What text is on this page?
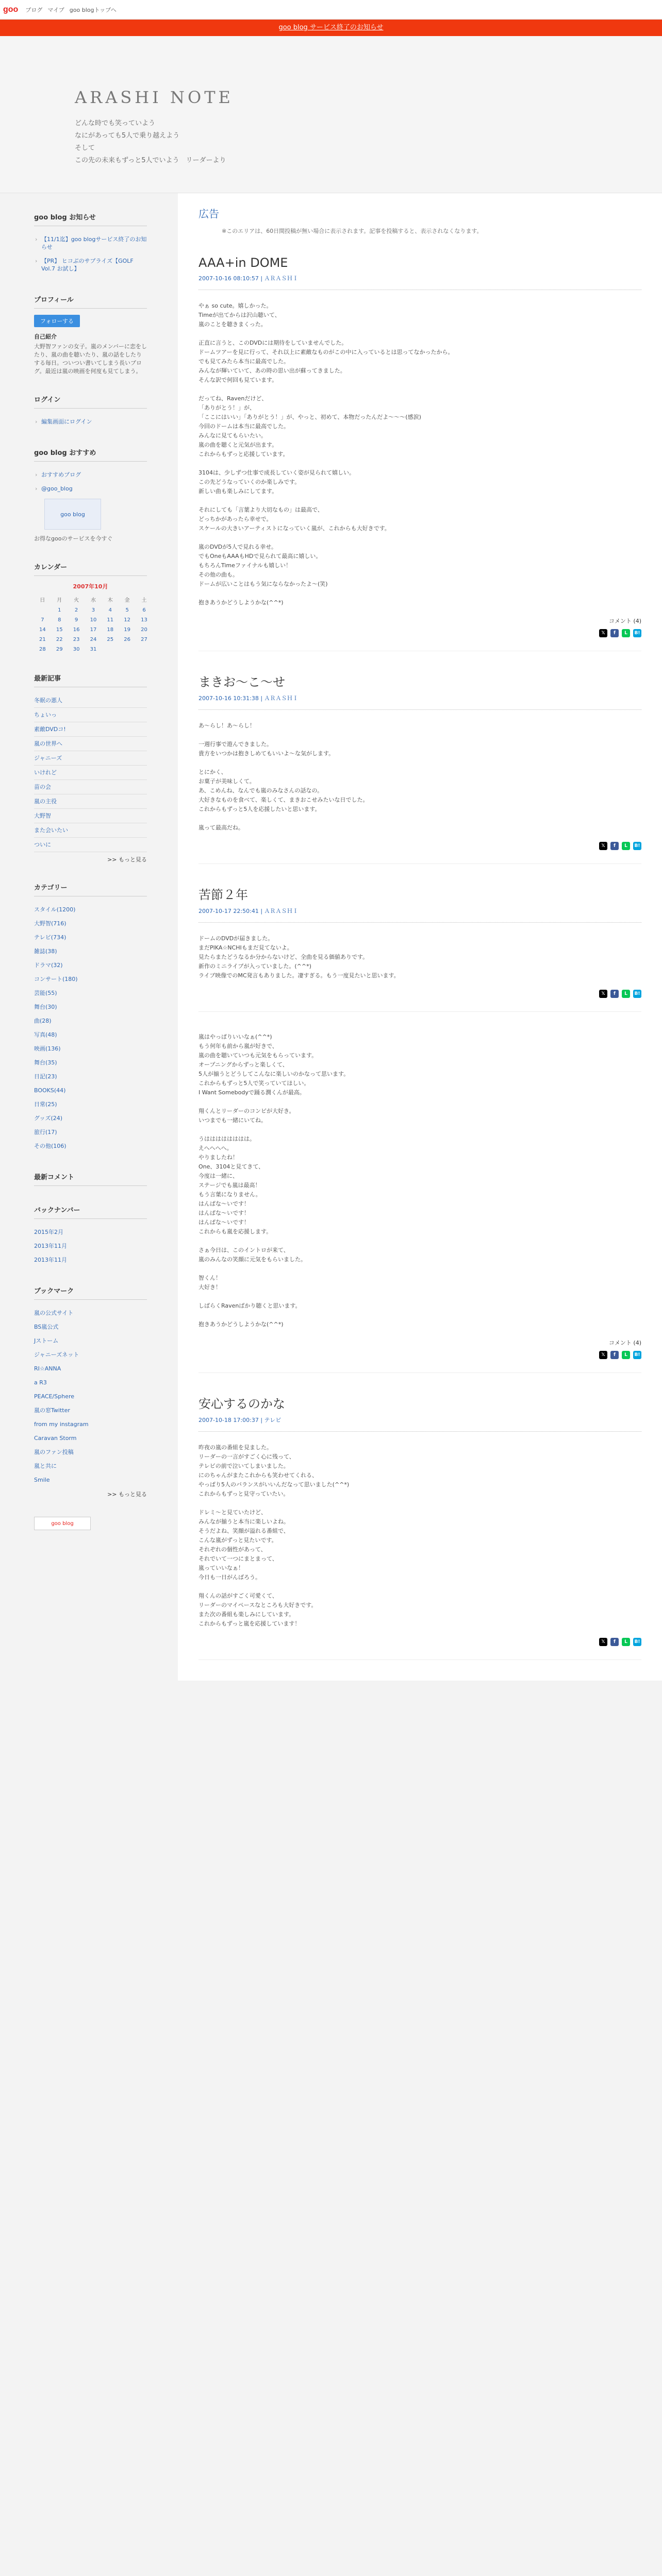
goo ブログ マイブ goo blogトップへ
goo blog サービス終了のお知らせ
ARASHI NOTE
どんな時でも笑っていよう
なにがあっても5人で乗り越えよう
そして
この先の未来もずっと5人でいよう　リーダーより
goo blog お知らせ
› 【11/1迄】goo blogサービス終了のお知らせ
› 【PR】 ヒコぶのサプライズ【GOLF Vol.7 お試し】
プロフィール
フォローする
自己紹介
大野智ファンの女子。嵐のメンバーに恋をしたり、嵐の曲を聴いたり、嵐の話をしたりする毎日。ついつい書いてしまう長いブログ。最近は嵐の映画を何度も見てしまう。
ログイン
› 編集画面にログイン
goo blog おすすめ
› おすすめブログ
› @goo_blog
goo blog
お得なgooのサービスを今すぐ
カレンダー
2007年10月
日	月	火	水	木	金	土
	1	2	3	4	5	6
7	8	9	10	11	12	13
14	15	16	17	18	19	20
21	22	23	24	25	26	27
28	29	30	31			
最新記事
冬眠の悪人
ちょいっ
素敵DVDコ!
嵐の世界へ
ジャニーズ
いけれど
苗の会
嵐の主役
大野智
また会いたい
ついに
>> もっと見る
カテゴリー
スタイル(1200)
大野智(716)
テレビ(734)
雑誌(38)
ドラマ(32)
コンサート(180)
芸能(55)
舞台(30)
曲(28)
写真(48)
映画(136)
舞台(35)
日記(23)
BOOKS(44)
日常(25)
グッズ(24)
旅行(17)
その他(106)
最新コメント
バックナンバー
2015年2月
2013年11月
2013年11月
ブックマーク
嵐の公式サイト
BS嵐公式
Jストーム
ジャニーズネット
RI☆ANNA
a R3
PEACE/Sphere
嵐の窓Twitter
from my instagram
Caravan Storm
嵐のファン投稿
嵐と共に
Smile
>> もっと見る
goo blog
広告
※このエリアは、60日間投稿が無い場合に表示されます。記事を投稿すると、表示されなくなります。
AAA+in DOME
2007-10-16 08:10:57 | ＡＲＡＳＨＩ

やぁ so cute。嬉しかった。
Timeが出てからは沢山聴いて、
嵐のことを聴きまくった。

正直に言うと、このDVDには期待をしていませんでした。
ドームツアーを見に行って、それ以上に素敵なものがこの中に入っているとは思ってなかったから。
でも見てみたら本当に最高でした。
みんなが輝いていて、あの時の思い出が蘇ってきました。
そんな訳で何回も見ています。

だってね、Ravenだけど、
「ありがとう！」が、
「ここにはいい」「ありがとう！」が、やっと、初めて、本物だったんだよ〜〜〜(感涙)
今回のドームは本当に最高でした。
みんなに見てもらいたい。
嵐の曲を聴くと元気が出ます。
これからもずっと応援しています。

3104は、少しずつ仕事で成長していく姿が見られて嬉しい。
この先どうなっていくのか楽しみです。
新しい曲も楽しみにしてます。

それにしても「言葉より大切なもの」は最高で、
どっちかがあったら幸せで。
スケールの大きいアーティストになっていく嵐が、これからも大好きです。

嵐のDVDが5人で見れる幸せ。
でもOneもAAAもHDで見られて最高に嬉しい。
もちろんTimeファイナルも嬉しい！
その他の曲も。
ドームが広いことはもう気にならなかったよ～(笑)

抱きあうかどうしようかな(^^*)

コメント (4)
𝕏	f	L	B!
まきお～こ～せ
2007-10-16 10:31:38 | ＡＲＡＳＨＩ

あ〜らし！あ〜らし！

一週行事で遊んできました。
貴方をいつかは抱きしめてもいいよ〜な気がします。

とにかく、
お菓子が美味しくて。
あ、こめんね、なんでも嵐のみなさんの話なの。
大好きなものを食べて、楽しくて、まきおこせみたいな日でした。
これからもずっと5人を応援したいと思います。

嵐って最高だね。

𝕏	f	L	B!
苦節２年
2007-10-17 22:50:41 | ＡＲＡＳＨＩ

ドームのDVDが届きました。
まだPIKA☆NCHIもまだ見てないよ。
見たらまたどうなるか分からないけど、全曲を見る価値ありです。
新作のミニライブが入っていました。(^^*)
ライブ映像でのMC発言もありました。凄すぎる。もう一度見たいと思います。

𝕏	f	L	B!

嵐はやっぱりいいなぁ(^^*)
もう何年も前から嵐が好きで、
嵐の曲を聴いていつも元気をもらっています。
オープニングからずっと楽しくて、
5人が揃うとどうしてこんなに楽しいのかなって思います。
これからもずっと5人で笑っていてほしい。
I Want Somebodyで踊る潤くんが最高。

翔くんとリーダーのコンビが大好き。
いつまでも一緒にいてね。

うはははははははは。
えへへへへ。
やりましたね！
One、3104と見てきて、
今度は一緒に、
ステージでも嵐は最高！
もう言葉になりません。
はんぱな～いです！
はんぱな～いです！
はんぱな～いです！
これからも嵐を応援します。

さぁ今日は、このイントロが来て、
嵐のみんなの笑顔に元気をもらいました。

智くん！
大好き！

しばらくRavenばかり聴くと思います。

抱きあうかどうしようかな(^^*)

コメント (4)
𝕏	f	L	B!
安心するのかな
2007-10-18 17:00:37 | テレビ

昨夜の嵐の番組を見ました。
リーダーの一言がすごく心に残って、
テレビの前で泣いてしまいました。
にのちゃんがまたこれからも笑わせてくれる、
やっぱり5人のバランスがいいんだなって思いました(^^*)
これからもずっと見守っていたい。

ドレミ〜と見ていたけど、
みんなが揃うと本当に楽しいよね。
そうだよね、笑顔が溢れる番組で、
こんな嵐がずっと見たいです。
それぞれの個性があって、
それでいて一つにまとまって、
嵐っていいなぁ！
今日も一日がんばろう。

翔くんの話がすごく可愛くて、
リーダーのマイペースなところも大好きです。
また次の番組も楽しみにしています。
これからもずっと嵐を応援しています！

𝕏	f	L	B!
